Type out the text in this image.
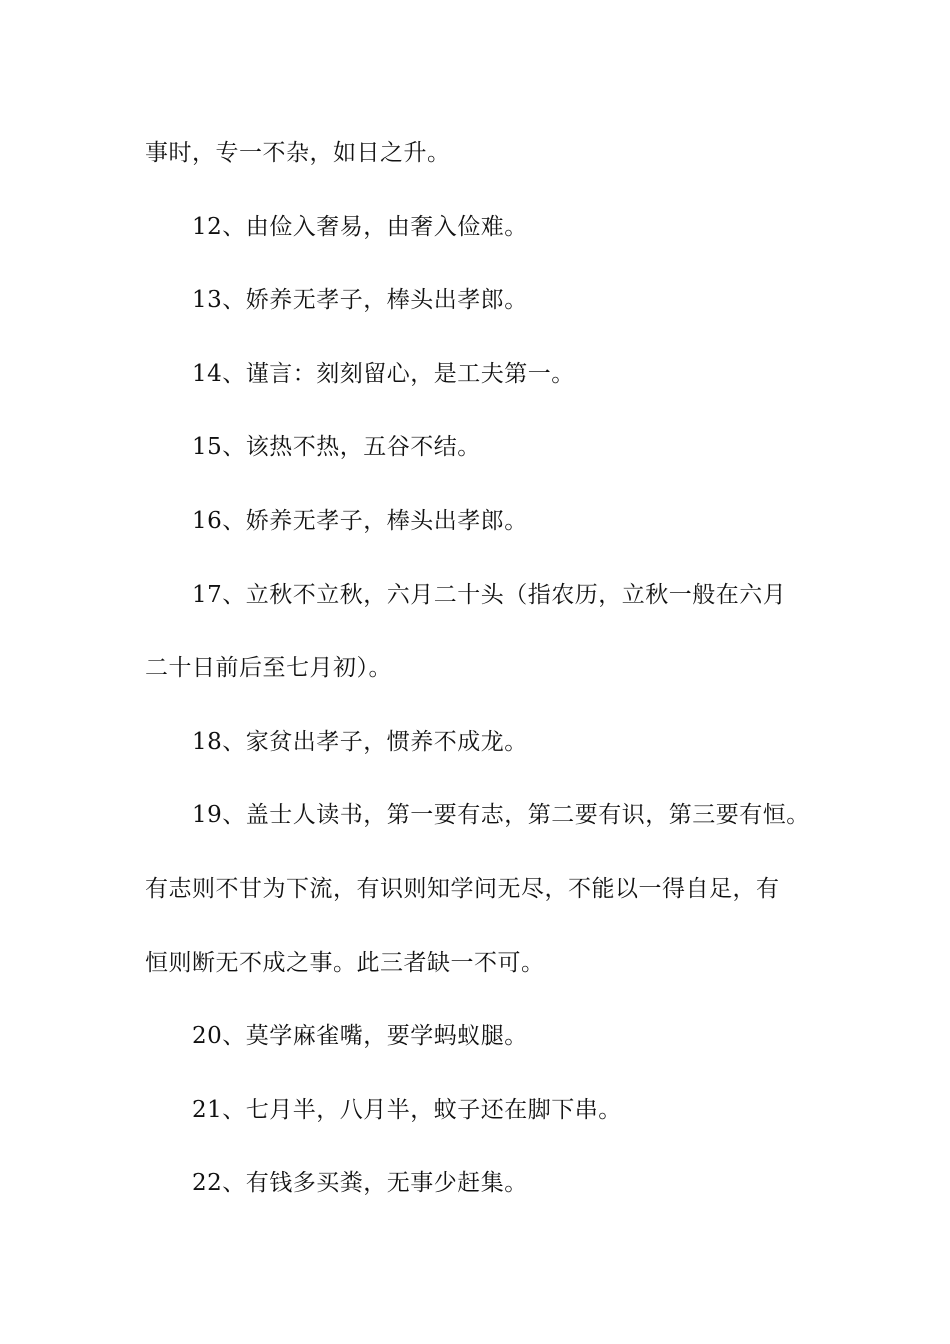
事时，专一不杂，如日之升。
12、由俭入奢易，由奢入俭难。
13、娇养无孝子，棒头出孝郎。
14、谨言：刻刻留心，是工夫第一。
15、该热不热，五谷不结。
16、娇养无孝子，棒头出孝郎。
17、立秋不立秋，六月二十头（指农历，立秋一般在六月
二十日前后至七月初）。
18、家贫出孝子，惯养不成龙。
19、盖士人读书，第一要有志，第二要有识，第三要有恒。
有志则不甘为下流，有识则知学问无尽，不能以一得自足，有
恒则断无不成之事。此三者缺一不可。
20、莫学麻雀嘴，要学蚂蚁腿。
21、七月半，八月半，蚊子还在脚下串。
22、有钱多买粪，无事少赶集。
